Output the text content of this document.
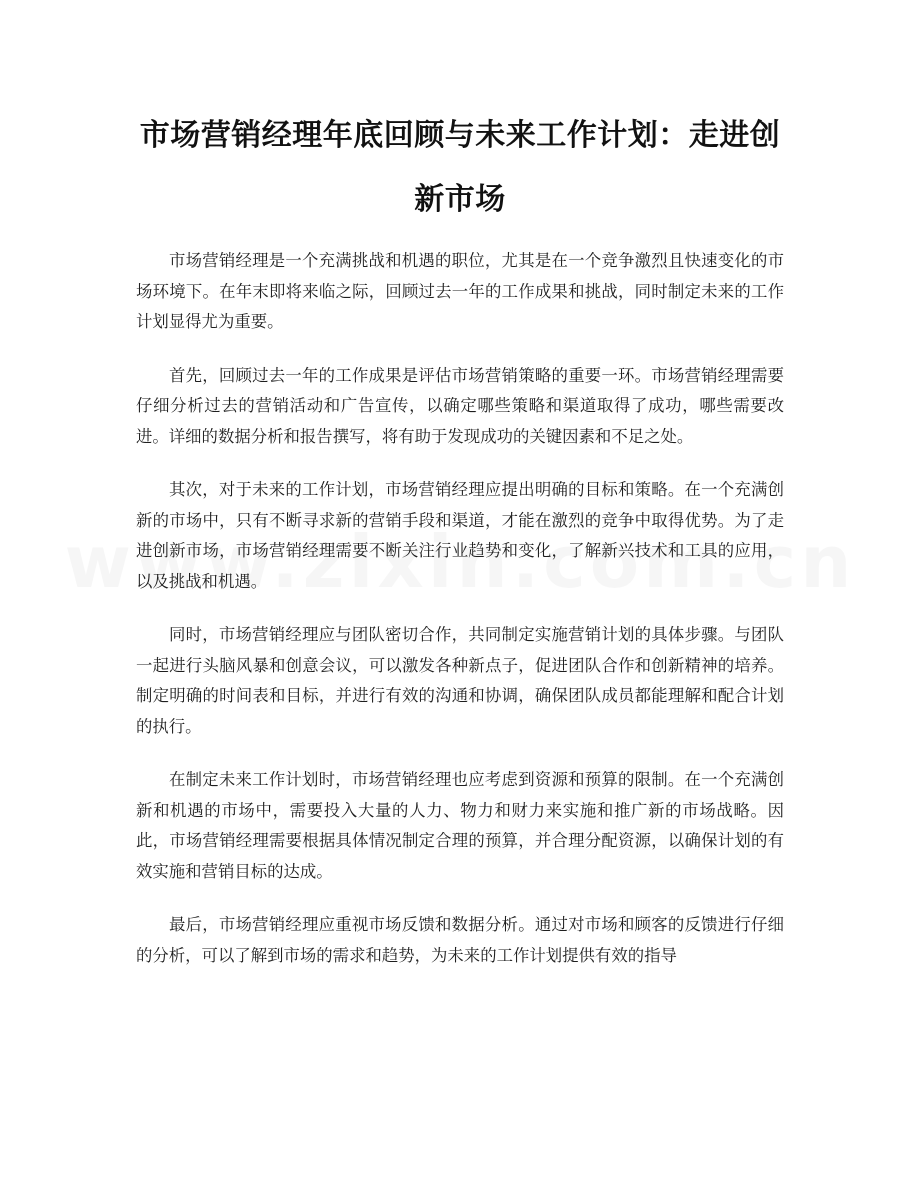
市场营销经理年底回顾与未来工作计划：走进创新市场

市场营销经理是一个充满挑战和机遇的职位，尤其是在一个竞争激烈且快速变化的市场环境下。在年末即将来临之际，回顾过去一年的工作成果和挑战，同时制定未来的工作计划显得尤为重要。

首先，回顾过去一年的工作成果是评估市场营销策略的重要一环。市场营销经理需要仔细分析过去的营销活动和广告宣传，以确定哪些策略和渠道取得了成功，哪些需要改进。详细的数据分析和报告撰写，将有助于发现成功的关键因素和不足之处。

其次，对于未来的工作计划，市场营销经理应提出明确的目标和策略。在一个充满创新的市场中，只有不断寻求新的营销手段和渠道，才能在激烈的竞争中取得优势。为了走进创新市场，市场营销经理需要不断关注行业趋势和变化，了解新兴技术和工具的应用，以及挑战和机遇。

同时，市场营销经理应与团队密切合作，共同制定实施营销计划的具体步骤。与团队一起进行头脑风暴和创意会议，可以激发各种新点子，促进团队合作和创新精神的培养。制定明确的时间表和目标，并进行有效的沟通和协调，确保团队成员都能理解和配合计划的执行。

在制定未来工作计划时，市场营销经理也应考虑到资源和预算的限制。在一个充满创新和机遇的市场中，需要投入大量的人力、物力和财力来实施和推广新的市场战略。因此，市场营销经理需要根据具体情况制定合理的预算，并合理分配资源，以确保计划的有效实施和营销目标的达成。

最后，市场营销经理应重视市场反馈和数据分析。通过对市场和顾客的反馈进行仔细的分析，可以了解到市场的需求和趋势，为未来的工作计划提供有效的指导
